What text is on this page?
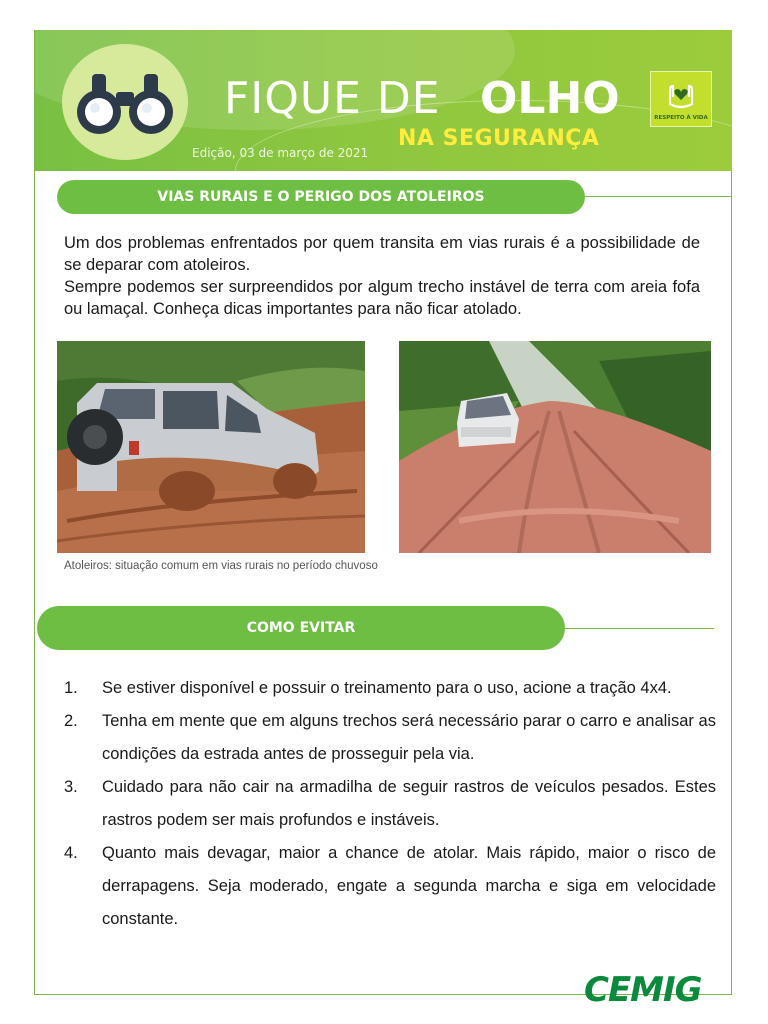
FIQUE DE OLHO
NA SEGURANÇA
Edição, 03 de março de 2021
RESPEITO À VIDA
VIAS RURAIS E O PERIGO DOS ATOLEIROS

Um dos problemas enfrentados por quem transita em vias rurais é a possibilidade de se deparar com atoleiros.

Sempre podemos ser surpreendidos por algum trecho instável de terra com areia fofa ou lamaçal. Conheça dicas importantes para não ficar atolado.

Atoleiros: situação comum em vias rurais no período chuvoso
COMO EVITAR
1. Se estiver disponível e possuir o treinamento para o uso, acione a tração 4x4.
2. Tenha em mente que em alguns trechos será necessário parar o carro e analisar as condições da estrada antes de prosseguir pela via.
3. Cuidado para não cair na armadilha de seguir rastros de veículos pesados. Estes rastros podem ser mais profundos e instáveis.
4. Quanto mais devagar, maior a chance de atolar. Mais rápido, maior o risco de derrapagens. Seja moderado, engate a segunda marcha e siga em velocidade constante.
CEMIG
